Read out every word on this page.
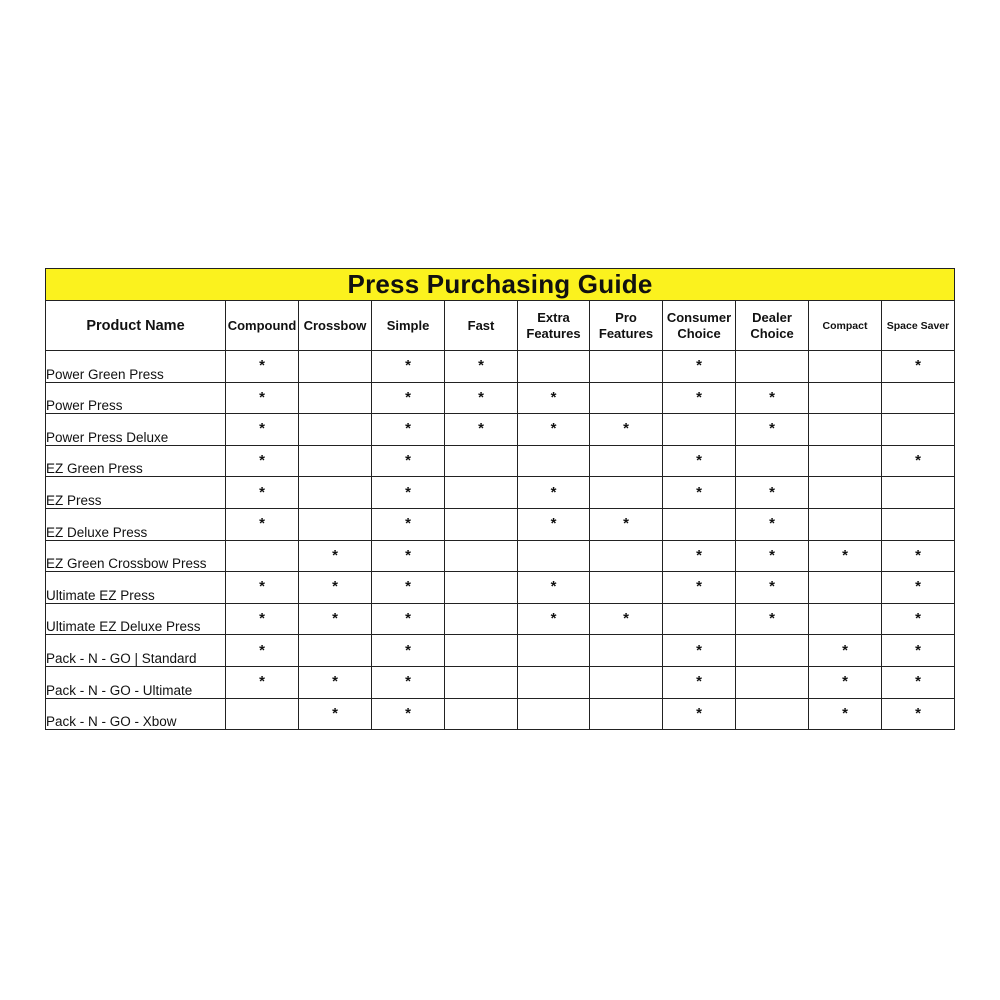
Press Purchasing Guide										
Product Name	Compound	Crossbow	Simple	Fast	Extra Features	Pro Features	Consumer Choice	Dealer Choice	Compact	Space Saver
Power Green Press	*		*	*			*			*
Power Press	*		*	*	*		*	*		
Power Press Deluxe	*		*	*	*	*		*		
EZ Green Press	*		*				*			*
EZ Press	*		*		*		*	*		
EZ Deluxe Press	*		*		*	*		*		
EZ Green Crossbow Press		*	*				*	*	*	*
Ultimate EZ Press	*	*	*		*		*	*		*
Ultimate EZ Deluxe Press	*	*	*		*	*		*		*
Pack - N - GO | Standard	*		*				*		*	*
Pack - N - GO - Ultimate	*	*	*				*		*	*
Pack - N - GO - Xbow		*	*				*		*	*
